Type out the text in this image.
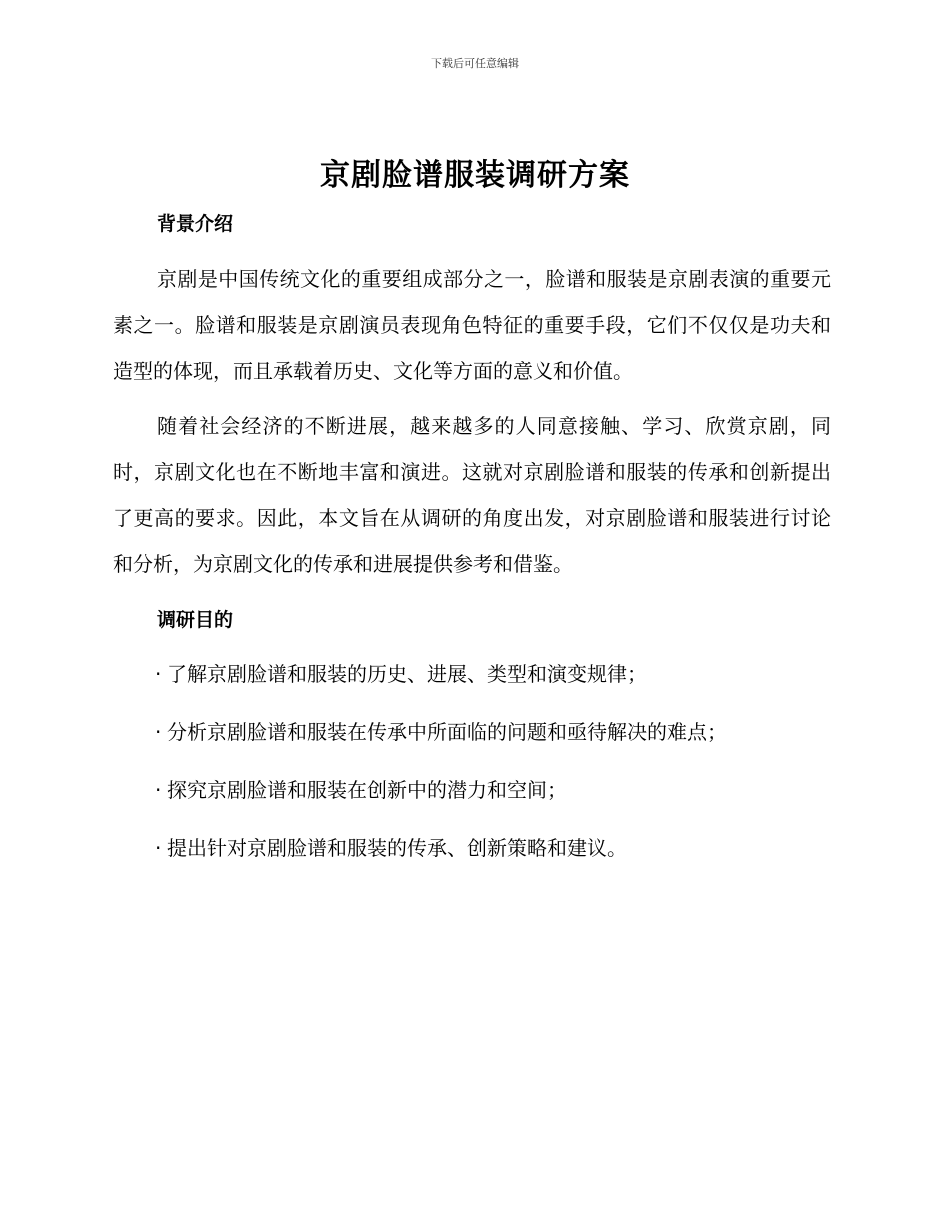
下载后可任意编辑
京剧脸谱服装调研方案
背景介绍

京剧是中国传统文化的重要组成部分之一，脸谱和服装是京剧表演的重要元素之一。脸谱和服装是京剧演员表现角色特征的重要手段，它们不仅仅是功夫和造型的体现，而且承载着历史、文化等方面的意义和价值。

随着社会经济的不断进展，越来越多的人同意接触、学习、欣赏京剧，同时，京剧文化也在不断地丰富和演进。这就对京剧脸谱和服装的传承和创新提出了更高的要求。因此，本文旨在从调研的角度出发，对京剧脸谱和服装进行讨论和分析，为京剧文化的传承和进展提供参考和借鉴。

调研目的
· 了解京剧脸谱和服装的历史、进展、类型和演变规律；
· 分析京剧脸谱和服装在传承中所面临的问题和亟待解决的难点；
· 探究京剧脸谱和服装在创新中的潜力和空间；
· 提出针对京剧脸谱和服装的传承、创新策略和建议。
